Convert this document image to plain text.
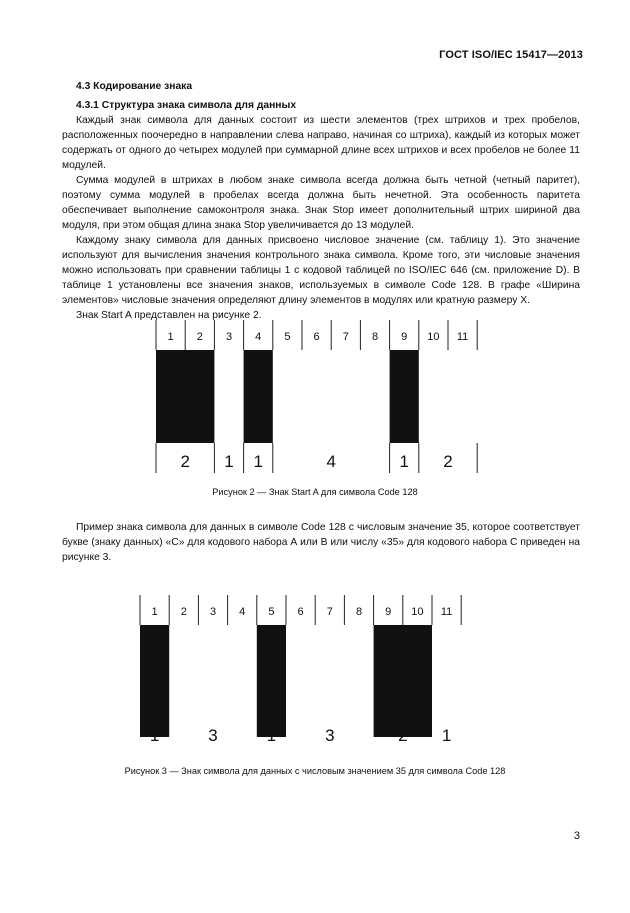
ГОСТ ISO/IEC 15417—2013
4.3 Кодирование знака
4.3.1 Структура знака символа для данных

Каждый знак символа для данных состоит из шести элементов (трех штрихов и трех пробелов, расположенных поочередно в направлении слева направо, начиная со штриха), каждый из которых может содержать от одного до четырех модулей при суммарной длине всех штрихов и всех пробелов не более 11 модулей.

Сумма модулей в штрихах в любом знаке символа всегда должна быть четной (четный паритет), поэтому сумма модулей в пробелах всегда должна быть нечетной. Эта особенность паритета обеспечивает выполнение самоконтроля знака. Знак Stop имеет дополнительный штрих шириной два модуля, при этом общая длина знака Stop увеличивается до 13 модулей.

Каждому знаку символа для данных присвоено числовое значение (см. таблицу 1). Это значение используют для вычисления значения контрольного знака символа. Кроме того, эти числовые значения можно использовать при сравнении таблицы 1 с кодовой таблицей по ISO/IEC 646 (см. приложение D). В таблице 1 установлены все значения знаков, используемых в символе Code 128. В графе «Ширина элементов» числовые значения определяют длину элементов в модулях или кратную размеру X.

Знак Start A представлен на рисунке 2.

1 2 3 4 5 6 7 8 9 10 11
2 1 1	4	1 2
Рисунок 2 — Знак Start A для символа Code 128

Пример знака символа для данных в символе Code 128 с числовым значение 35, которое соответствует букве (знаку данных) «С» для кодового набора А или В или числу «35» для кодового набора С приведен на рисунке 3.

1 2 3 4 5 6 7 8 9 10 11
1	3	1	3	2 1
Рисунок 3 — Знак символа для данных с числовым значением 35 для символа Code 128
3
